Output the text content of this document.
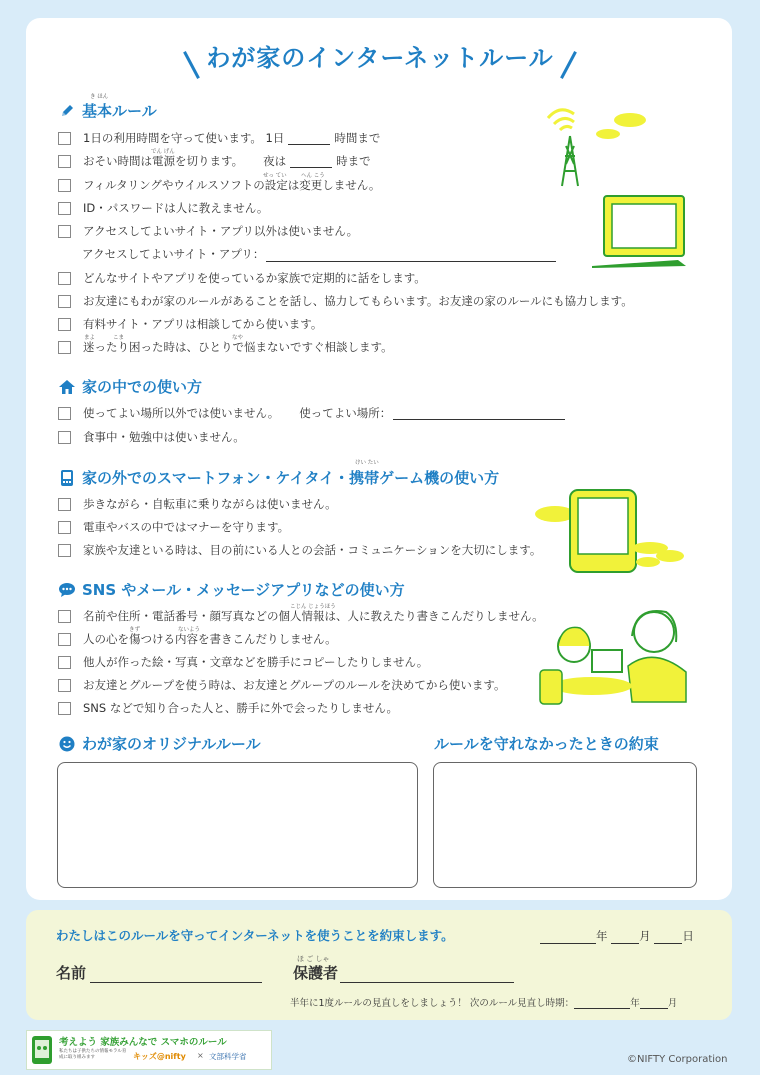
わが家のインターネットルール
き ほん
基本ルール
1日の利用時間を守って使います。 1日	時間まで
でん げん
おそい時間は電源を切ります。 夜は	時まで
せっ てい	へん こう
フィルタリングやウイルスソフトの設定は変更しません。
ID・パスワードは人に教えません。
アクセスしてよいサイト・アプリ以外は使いません。
アクセスしてよいサイト・アプリ：
どんなサイトやアプリを使っているか家族で定期的に話をします。
お友達にもわが家のルールがあることを話し、協力してもらいます。お友達の家のルールにも協力します。
有料サイト・アプリは相談してから使います。
まよ	こま	なや
迷ったり困った時は、ひとりで悩まないですぐ相談します。
家の中での使い方
使ってよい場所以外では使いません。 使ってよい場所：
食事中・勉強中は使いません。
けい たい
家の外でのスマートフォン・ケイタイ・携帯ゲーム機の使い方
歩きながら・自転車に乗りながらは使いません。
電車やバスの中ではマナーを守ります。
家族や友達といる時は、目の前にいる人との会話・コミュニケーションを大切にします。
SNS やメール・メッセージアプリなどの使い方
こじん じょうほう
名前や住所・電話番号・顔写真などの個人情報は、人に教えたり書きこんだりしません。
きず	ないよう
人の心を傷つける内容を書きこんだりしません。
他人が作った絵・写真・文章などを勝手にコピーしたりしません。
お友達とグループを使う時は、お友達とグループのルールを決めてから使います。
SNS などで知り合った人と、勝手に外で会ったりしません。
わが家のオリジナルルール	ルールを守れなかったときの約束
わたしはこのルールを守ってインターネットを使うことを約束します。	年	月	日
名前
ほ ご しゃ
保護者
半年に1度ルールの見直しをしましょう！ 次のルール見直し時期：	年	月
考えよう 家族みんなで スマホのルール
私たちは子供たちの情報モラル育成に取り組みます	キッズ@nifty × 文部科学省	©NIFTY Corporation
